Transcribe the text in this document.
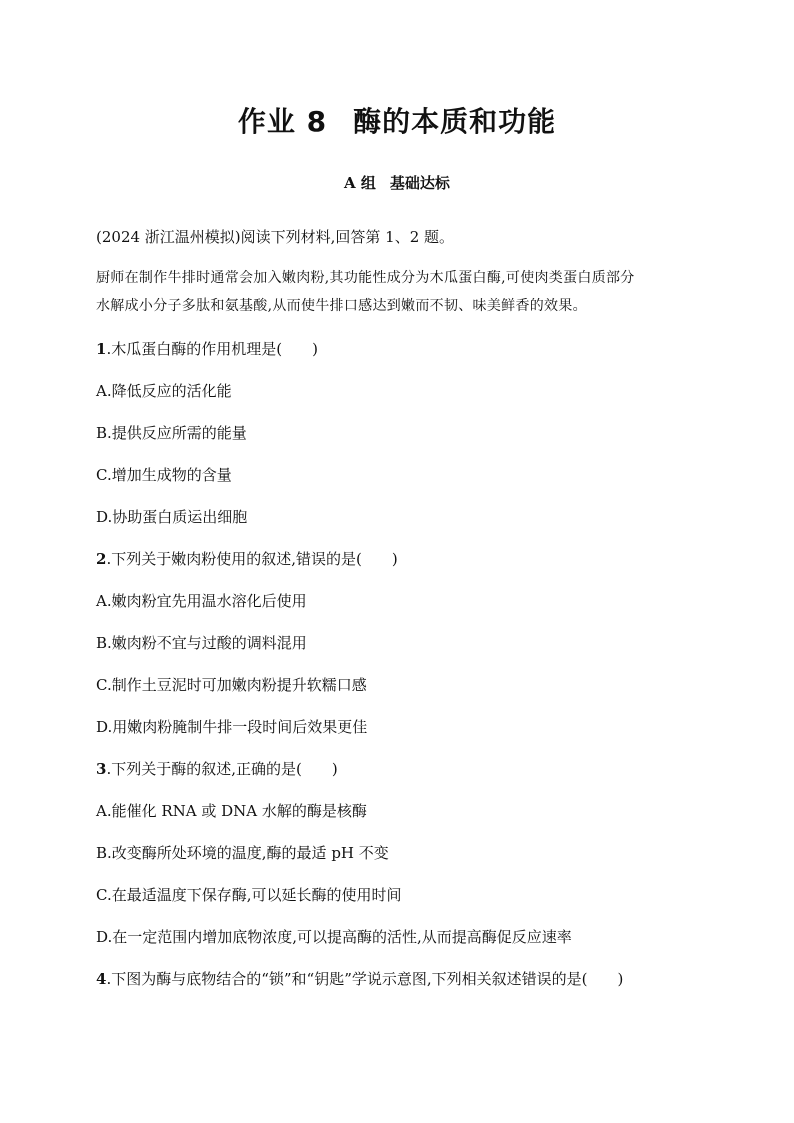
作业 8 酶的本质和功能
A 组 基础达标
(2024 浙江温州模拟)阅读下列材料,回答第 1、2 题。
厨师在制作牛排时通常会加入嫩肉粉,其功能性成分为木瓜蛋白酶,可使肉类蛋白质部分
水解成小分子多肽和氨基酸,从而使牛排口感达到嫩而不韧、味美鲜香的效果。
1.木瓜蛋白酶的作用机理是( )
A.降低反应的活化能
B.提供反应所需的能量
C.增加生成物的含量
D.协助蛋白质运出细胞
2.下列关于嫩肉粉使用的叙述,错误的是( )
A.嫩肉粉宜先用温水溶化后使用
B.嫩肉粉不宜与过酸的调料混用
C.制作土豆泥时可加嫩肉粉提升软糯口感
D.用嫩肉粉腌制牛排一段时间后效果更佳
3.下列关于酶的叙述,正确的是( )
A.能催化 RNA 或 DNA 水解的酶是核酶
B.改变酶所处环境的温度,酶的最适 pH 不变
C.在最适温度下保存酶,可以延长酶的使用时间
D.在一定范围内增加底物浓度,可以提高酶的活性,从而提高酶促反应速率
4.下图为酶与底物结合的“锁”和“钥匙”学说示意图,下列相关叙述错误的是( )
